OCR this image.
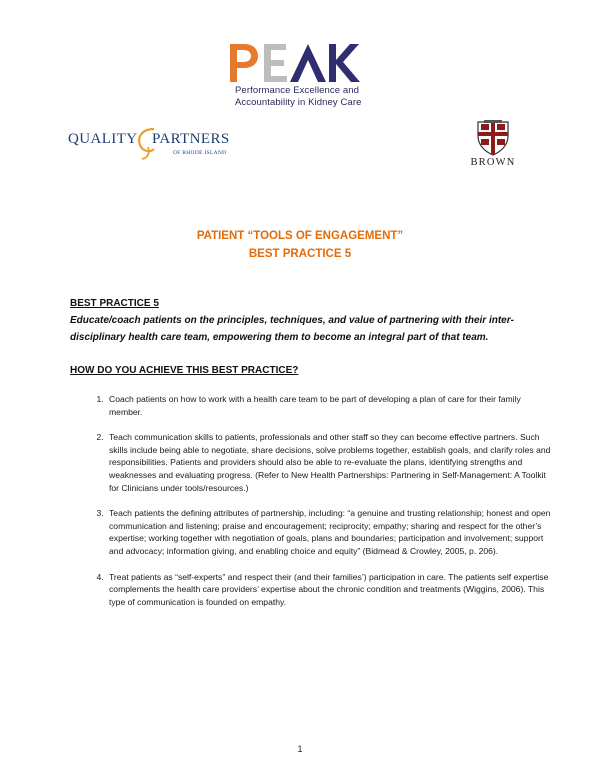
Performance Excellence and
Accountability in Kidney Care
QUALITY PARTNERS
OF RHODE ISLAND
BROWN
PATIENT “TOOLS OF ENGAGEMENT”
BEST PRACTICE 5
BEST PRACTICE 5
Educate/coach patients on the principles, techniques, and value of partnering with their inter-disciplinary health care team, empowering them to become an integral part of that team.
HOW DO YOU ACHIEVE THIS BEST PRACTICE?
1. Coach patients on how to work with a health care team to be part of developing a plan of care for their family member.
2. Teach communication skills to patients, professionals and other staff so they can become effective partners. Such skills include being able to negotiate, share decisions, solve problems together, establish goals, and clarify roles and responsibilities. Patients and providers should also be able to re-evaluate the plans, identifying strengths and weaknesses and evaluating progress. (Refer to New Health Partnerships: Partnering in Self-Management: A Toolkit for Clinicians under tools/resources.)
3. Teach patients the defining attributes of partnership, including: “a genuine and trusting relationship; honest and open communication and listening; praise and encouragement; reciprocity; empathy; sharing and respect for the other’s expertise; working together with negotiation of goals, plans and boundaries; participation and involvement; support and advocacy; information giving, and enabling choice and equity” (Bidmead & Crowley, 2005, p. 206).
4. Treat patients as “self-experts” and respect their (and their families’) participation in care. The patients self expertise complements the health care providers’ expertise about the chronic condition and treatments (Wiggins, 2006). This type of communication is founded on empathy.
1
